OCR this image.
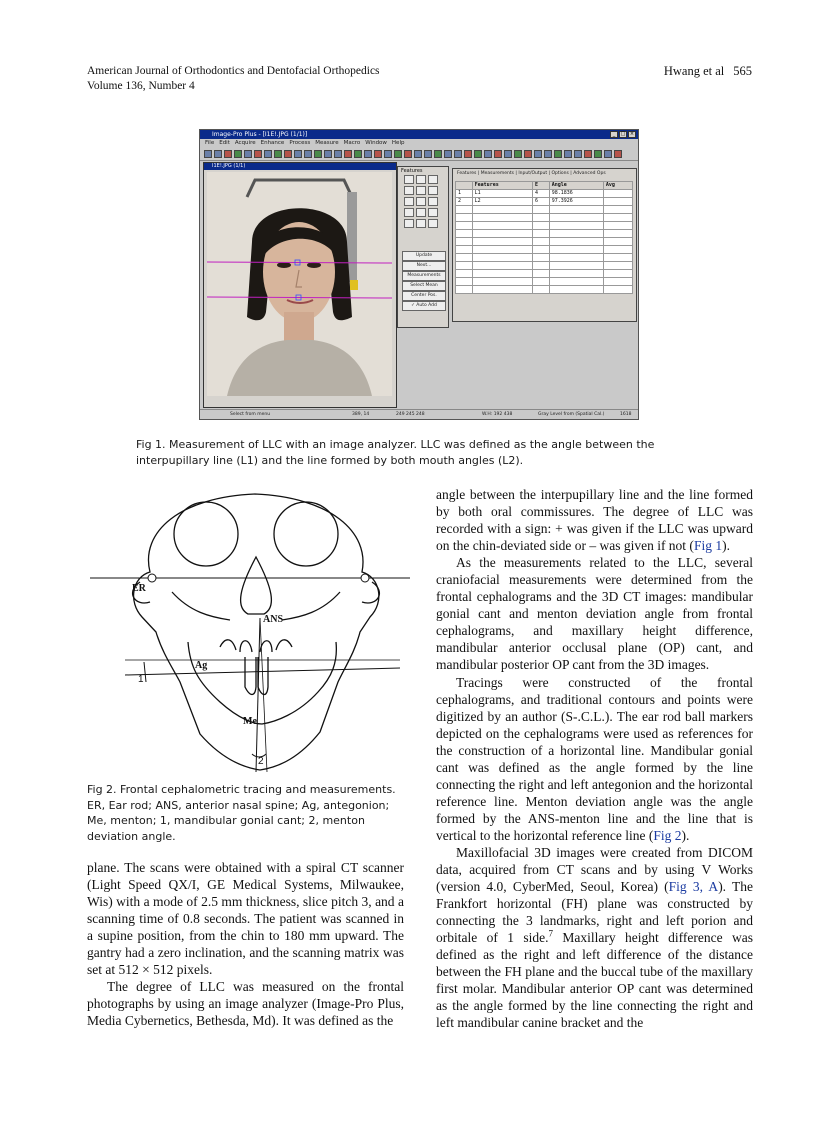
American Journal of Orthodontics and Dentofacial Orthopedics
Volume 136, Number 4
Hwang et al 565
Image-Pro Plus - [I1E!.JPG (1/1)]	_	□ ×
File Edit Acquire Enhance Process Measure Macro Window Help
I1E!.JPG (1/1)
Features
Update
Next...
Measurements
Select Mean
Center Pos.
✓ Auto Add
Features | Measurements | Input/Output | Options | Advanced Ops
	Features	E	Angle	Avg
1	L1	4	98.1836	
2	L2	6	97.3926	

Select from menu	389, 14	249 245 248	W.H: 192 438	Gray Level from (Spatial Cal.)	1618
Fig 1. Measurement of LLC with an image analyzer. LLC was defined as the angle between the interpupillary line (L1) and the line formed by both mouth angles (L2).
ER
ANS
Ag
Me
1
2
Fig 2. Frontal cephalometric tracing and measurements. ER, Ear rod; ANS, anterior nasal spine; Ag, antegonion; Me, menton; 1, mandibular gonial cant; 2, menton deviation angle.

plane. The scans were obtained with a spiral CT scanner (Light Speed QX/I, GE Medical Systems, Milwaukee, Wis) with a mode of 2.5 mm thickness, slice pitch 3, and a scanning time of 0.8 seconds. The patient was scanned in a supine position, from the chin to 180 mm upward. The gantry had a zero inclination, and the scanning matrix was set at 512 × 512 pixels.

The degree of LLC was measured on the frontal photographs by using an image analyzer (Image-Pro Plus, Media Cybernetics, Bethesda, Md). It was defined as the

angle between the interpupillary line and the line formed by both oral commissures. The degree of LLC was recorded with a sign: + was given if the LLC was upward on the chin-deviated side or – was given if not (Fig 1).

As the measurements related to the LLC, several craniofacial measurements were determined from the frontal cephalograms and the 3D CT images: mandibular gonial cant and menton deviation angle from frontal cephalograms, and maxillary height difference, mandibular anterior occlusal plane (OP) cant, and mandibular posterior OP cant from the 3D images.

Tracings were constructed of the frontal cephalograms, and traditional contours and points were digitized by an author (S-.C.L.). The ear rod ball markers depicted on the cephalograms were used as references for the construction of a horizontal line. Mandibular gonial cant was defined as the angle formed by the line connecting the right and left antegonion and the horizontal reference line. Menton deviation angle was the angle formed by the ANS-menton line and the line that is vertical to the horizontal reference line (Fig 2).

Maxillofacial 3D images were created from DICOM data, acquired from CT scans and by using V Works (version 4.0, CyberMed, Seoul, Korea) (Fig 3, A). The Frankfort horizontal (FH) plane was constructed by connecting the 3 landmarks, right and left porion and orbitale of 1 side.$^7$ Maxillary height difference was defined as the right and left difference of the distance between the FH plane and the buccal tube of the maxillary first molar. Mandibular anterior OP cant was determined as the angle formed by the line connecting the right and left mandibular canine bracket and the
